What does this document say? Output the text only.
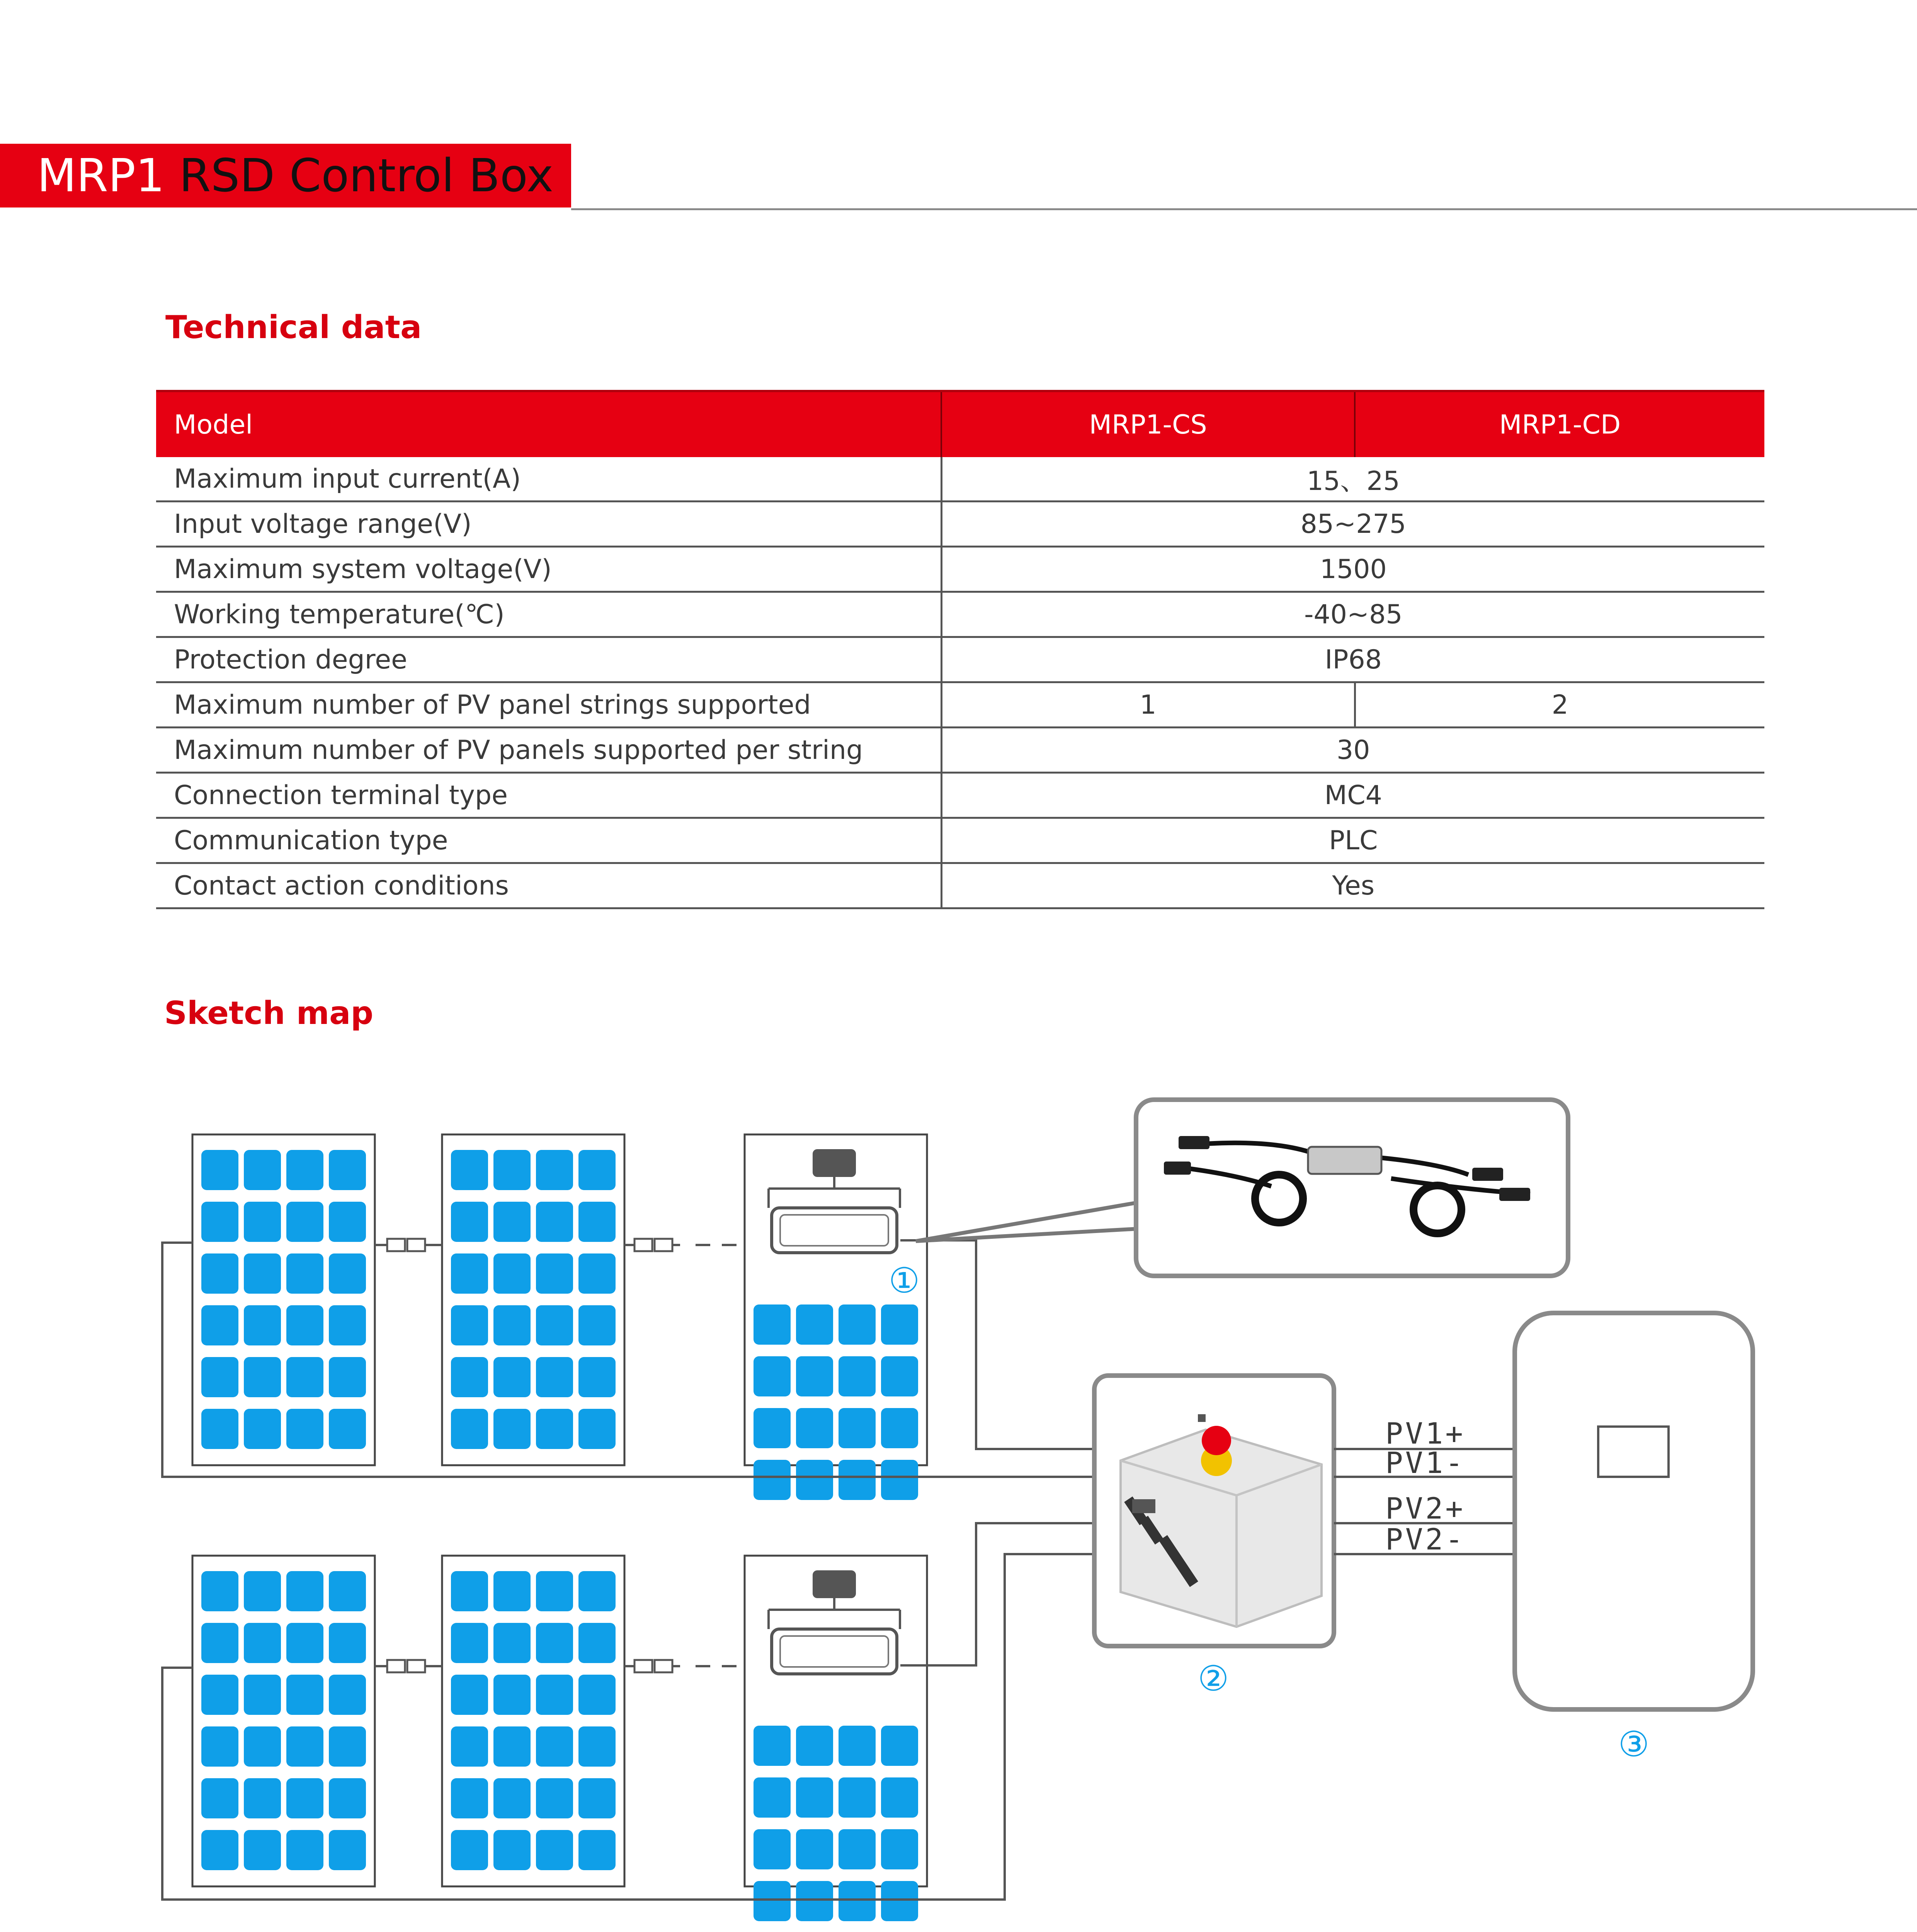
MRP1 RSD Control Box
Technical data
Model	MRP1-CS	MRP1-CD
Maximum input current(A)	15、25	
Input voltage range(V)	85~275	
Maximum system voltage(V)	1500	
Working temperature(℃)	-40~85	
Protection degree	IP68	
Maximum number of PV panel strings supported	1	2
Maximum number of PV panels supported per string	30	
Connection terminal type	MC4	
Communication type	PLC	
Contact action conditions	Yes	
Sketch map
①
②
PV1+
PV1-
PV2+
PV2-
③
